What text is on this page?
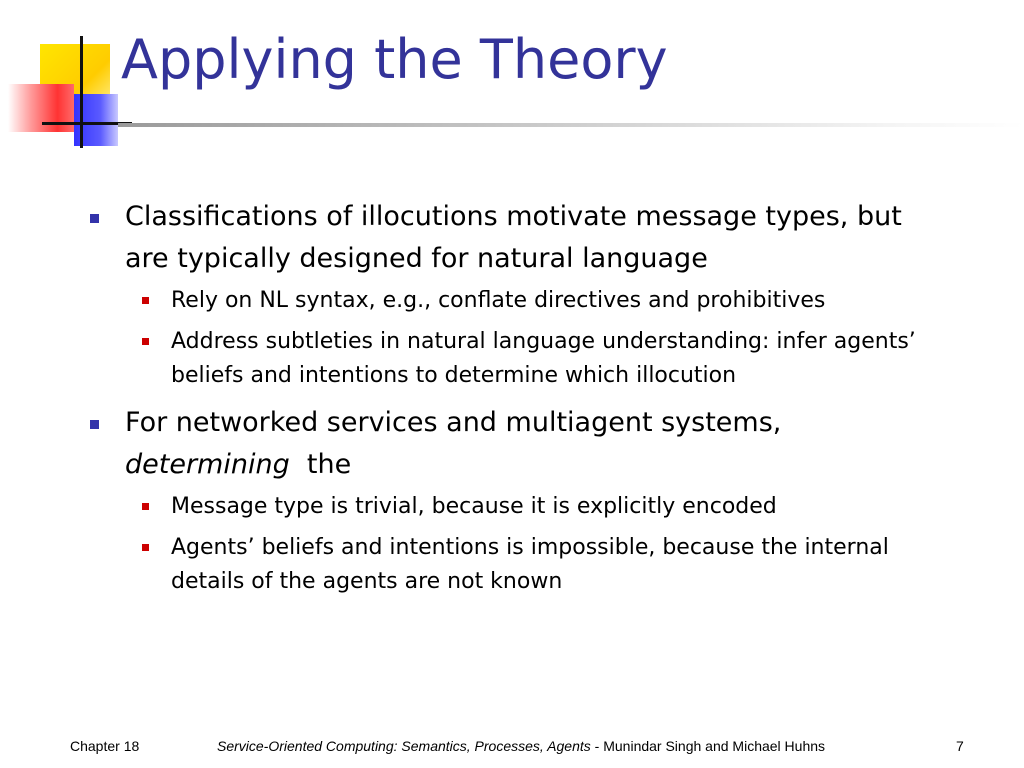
Applying the Theory
Classifications of illocutions motivate message types, but are typically designed for natural language
Rely on NL syntax, e.g., conflate directives and prohibitives
Address subtleties in natural language understanding: infer agents’ beliefs and intentions to determine which illocution
For networked services and multiagent systems,
determining the
Message type is trivial, because it is explicitly encoded
Agents’ beliefs and intentions is impossible, because the internal details of the agents are not known
Chapter 18	Service-Oriented Computing: Semantics, Processes, Agents - Munindar Singh and Michael Huhns	7
